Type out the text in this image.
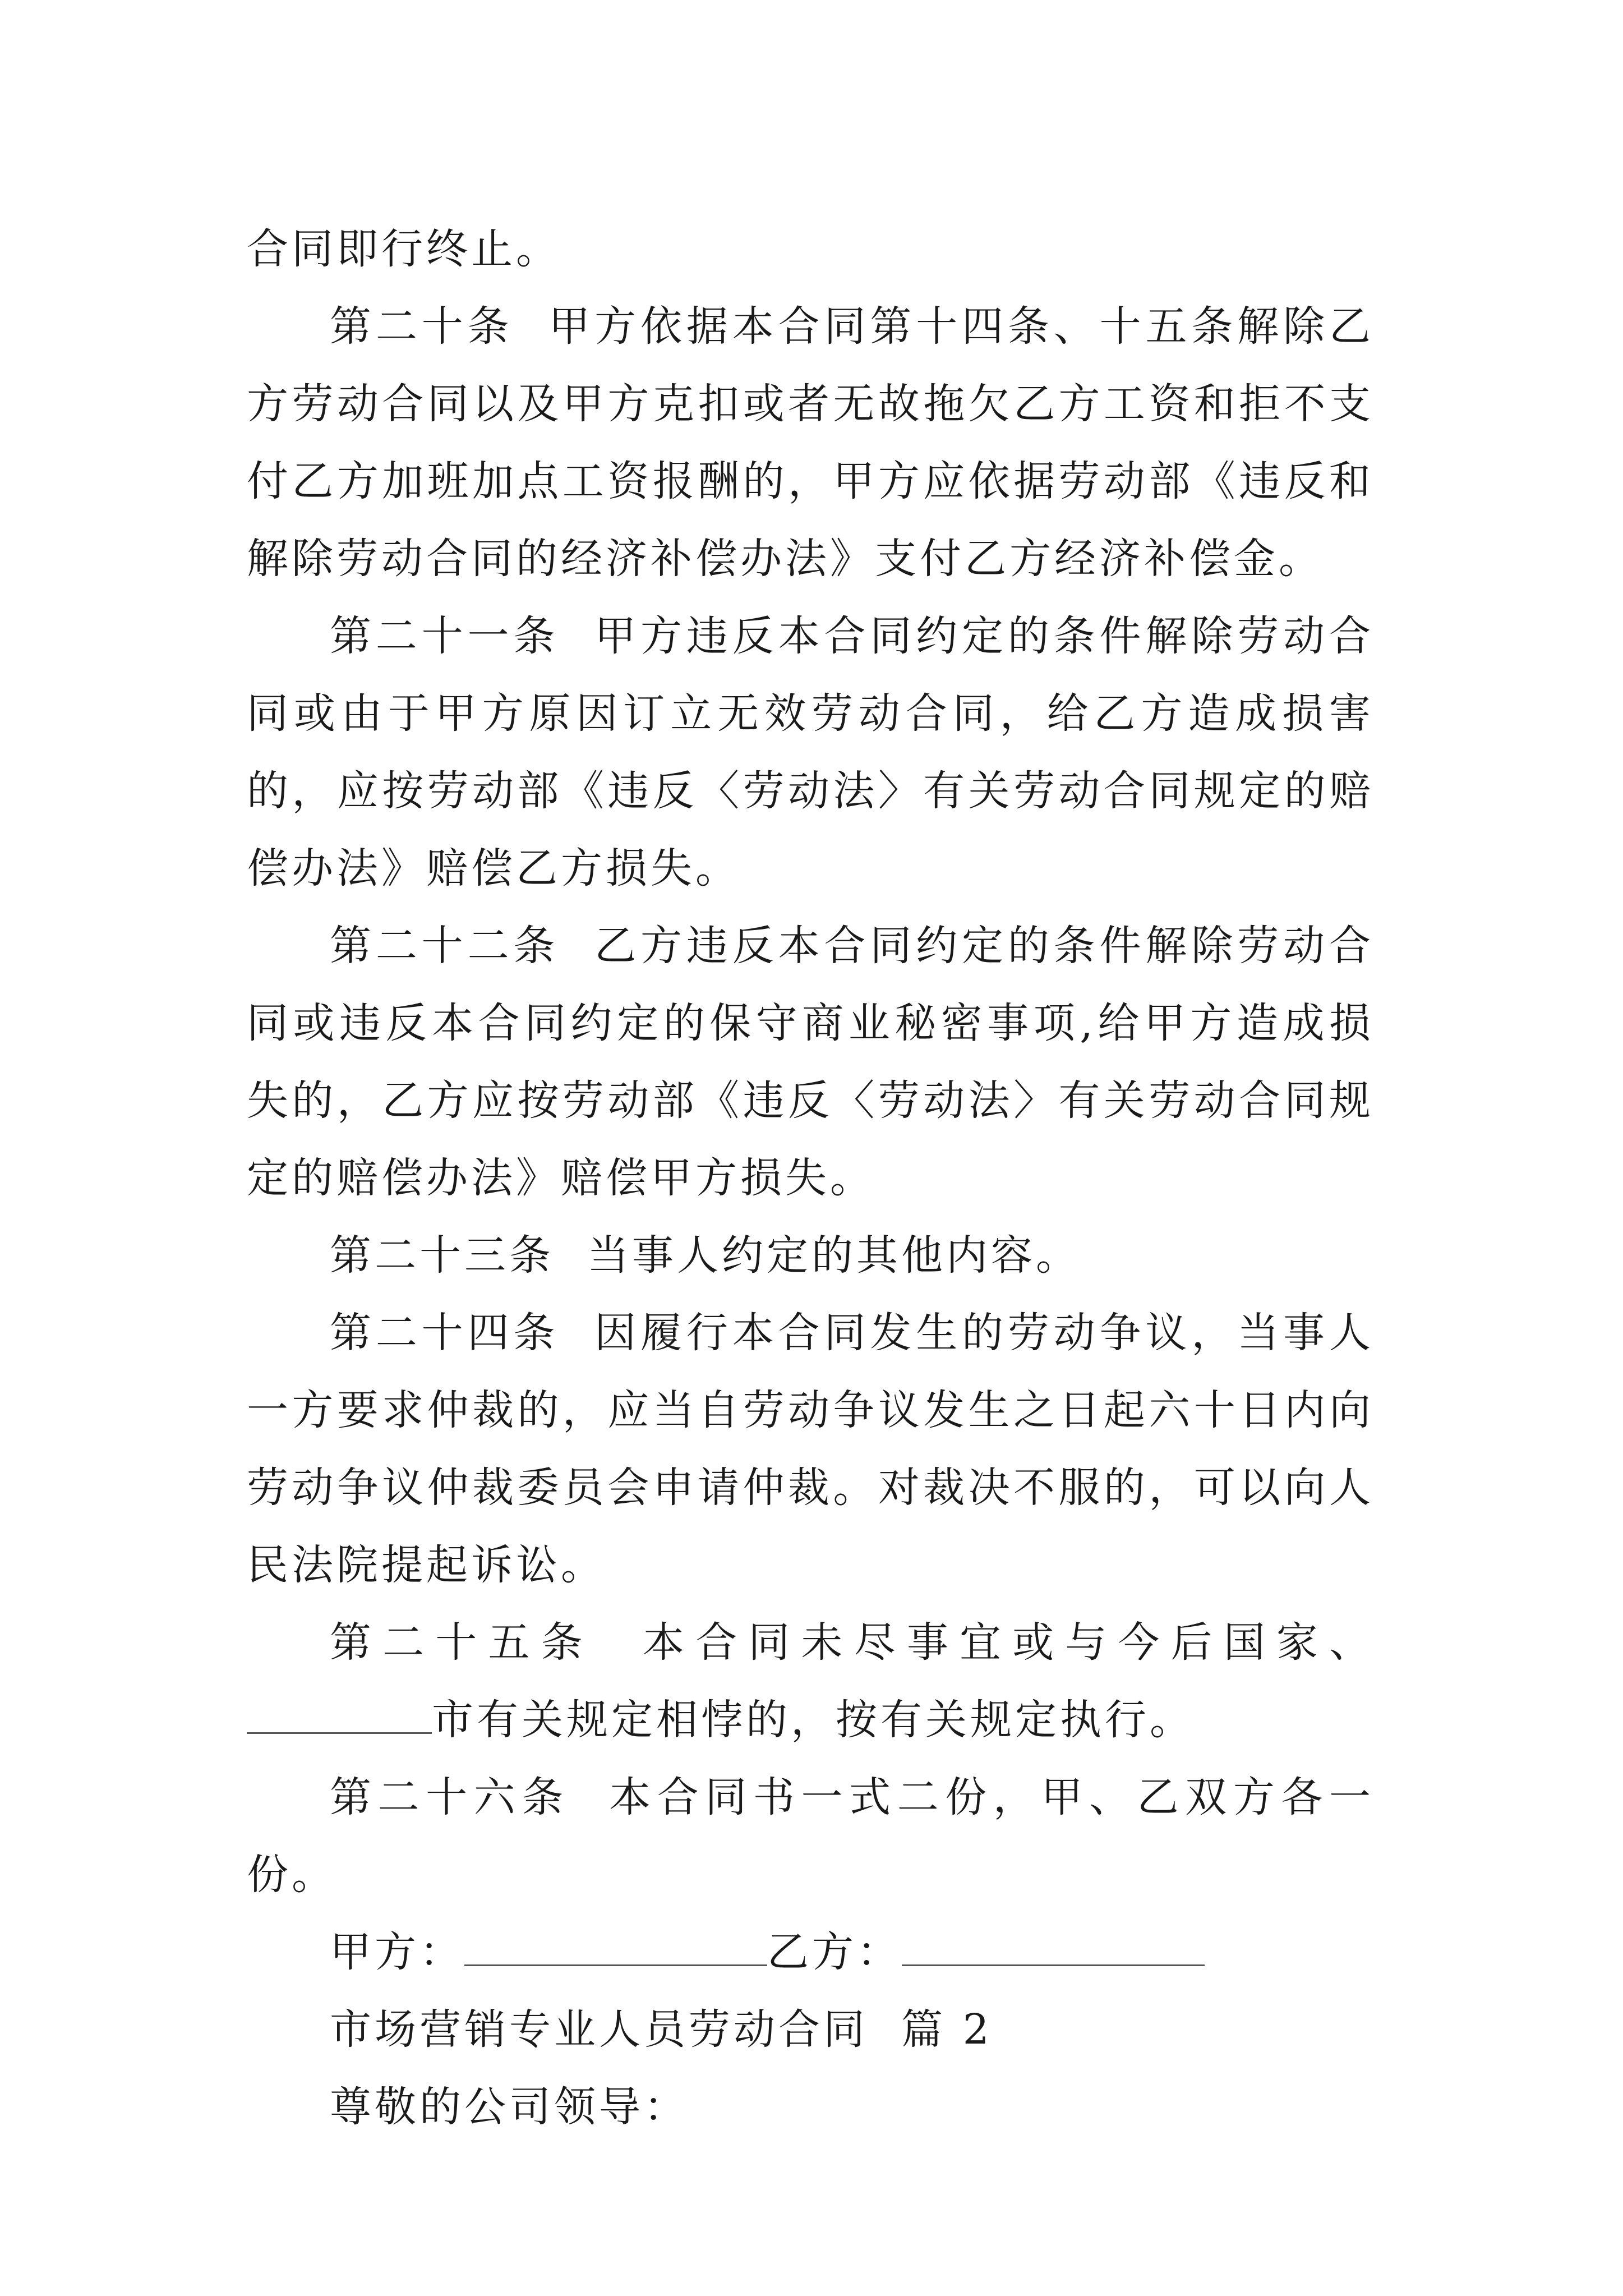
合同即行终止。

第二十条  甲方依据本合同第十四条、十五条解除乙方劳动合同以及甲方克扣或者无故拖欠乙方工资和拒不支付乙方加班加点工资报酬的，甲方应依据劳动部《违反和解除劳动合同的经济补偿办法》支付乙方经济补偿金。

第二十一条  甲方违反本合同约定的条件解除劳动合同或由于甲方原因订立无效劳动合同，给乙方造成损害的，应按劳动部《违反〈劳动法〉有关劳动合同规定的赔偿办法》赔偿乙方损失。

第二十二条  乙方违反本合同约定的条件解除劳动合同或违反本合同约定的保守商业秘密事项,给甲方造成损失的，乙方应按劳动部《违反〈劳动法〉有关劳动合同规定的赔偿办法》赔偿甲方损失。

第二十三条  当事人约定的其他内容。

第二十四条  因履行本合同发生的劳动争议，当事人一方要求仲裁的，应当自劳动争议发生之日起六十日内向劳动争议仲裁委员会申请仲裁。对裁决不服的，可以向人民法院提起诉讼。

第二十五条  本合同未尽事宜或与今后国家、市有关规定相悖的，按有关规定执行。

第二十六条  本合同书一式二份，甲、乙双方各一份。

甲方：	乙方：

市场营销专业人员劳动合同  篇 2

尊敬的公司领导：
